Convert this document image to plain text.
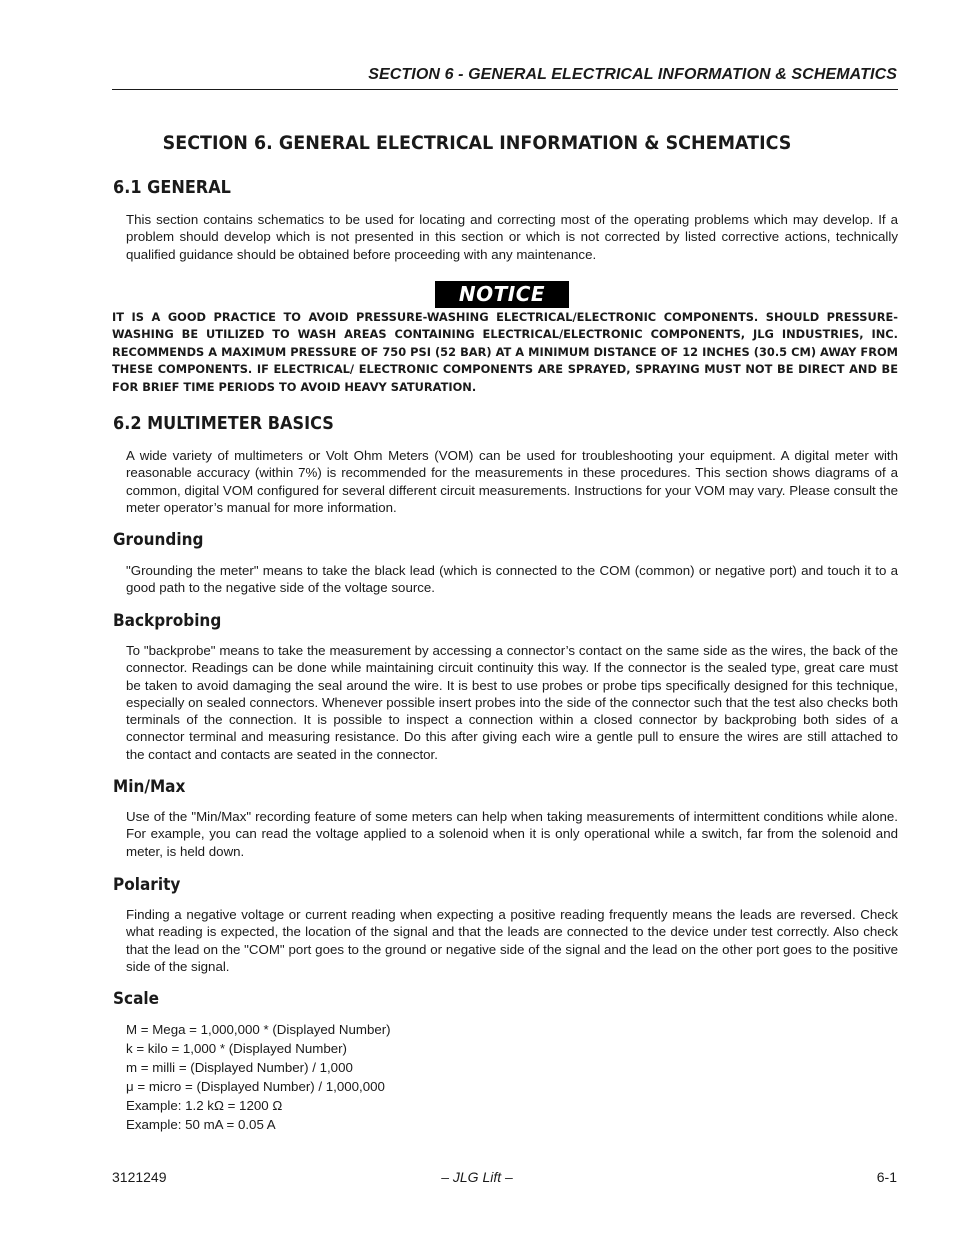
SECTION 6 - GENERAL ELECTRICAL INFORMATION & SCHEMATICS
SECTION 6. GENERAL ELECTRICAL INFORMATION & SCHEMATICS
6.1 GENERAL

This section contains schematics to be used for locating and correcting most of the operating problems which may develop. If a problem should develop which is not presented in this section or which is not corrected by listed corrective actions, technically qualified guidance should be obtained before proceeding with any maintenance.

NOTICE

IT IS A GOOD PRACTICE TO AVOID PRESSURE-WASHING ELECTRICAL/ELECTRONIC COMPONENTS. SHOULD PRESSURE-WASHING BE UTILIZED TO WASH AREAS CONTAINING ELECTRICAL/ELECTRONIC COMPONENTS, JLG INDUSTRIES, INC. RECOMMENDS A MAXIMUM PRESSURE OF 750 PSI (52 BAR) AT A MINIMUM DISTANCE OF 12 INCHES (30.5 CM) AWAY FROM THESE COMPONENTS. IF ELECTRICAL/ ELECTRONIC COMPONENTS ARE SPRAYED, SPRAYING MUST NOT BE DIRECT AND BE FOR BRIEF TIME PERIODS TO AVOID HEAVY SATURATION.

6.2 MULTIMETER BASICS

A wide variety of multimeters or Volt Ohm Meters (VOM) can be used for troubleshooting your equipment. A digital meter with reasonable accuracy (within 7%) is recommended for the measurements in these procedures. This section shows diagrams of a common, digital VOM configured for several different circuit measurements. Instructions for your VOM may vary. Please consult the meter operator’s manual for more information.

Grounding

"Grounding the meter" means to take the black lead (which is connected to the COM (common) or negative port) and touch it to a good path to the negative side of the voltage source.

Backprobing

To "backprobe" means to take the measurement by accessing a connector’s contact on the same side as the wires, the back of the connector. Readings can be done while maintaining circuit continuity this way. If the connector is the sealed type, great care must be taken to avoid damaging the seal around the wire. It is best to use probes or probe tips specifically designed for this technique, especially on sealed connectors. Whenever possible insert probes into the side of the connector such that the test also checks both terminals of the connection. It is possible to inspect a connection within a closed connector by backprobing both sides of a connector terminal and measuring resistance. Do this after giving each wire a gentle pull to ensure the wires are still attached to the contact and contacts are seated in the connector.

Min/Max

Use of the "Min/Max" recording feature of some meters can help when taking measurements of intermittent conditions while alone. For example, you can read the voltage applied to a solenoid when it is only operational while a switch, far from the solenoid and meter, is held down.

Polarity

Finding a negative voltage or current reading when expecting a positive reading frequently means the leads are reversed. Check what reading is expected, the location of the signal and that the leads are connected to the device under test correctly. Also check that the lead on the "COM" port goes to the ground or negative side of the signal and the lead on the other port goes to the positive side of the signal.

Scale
M = Mega = 1,000,000 * (Displayed Number)
k = kilo = 1,000 * (Displayed Number)
m = milli = (Displayed Number) / 1,000
μ = micro = (Displayed Number) / 1,000,000
Example: 1.2 kΩ = 1200 Ω
Example: 50 mA = 0.05 A
3121249	– JLG Lift –	6-1
